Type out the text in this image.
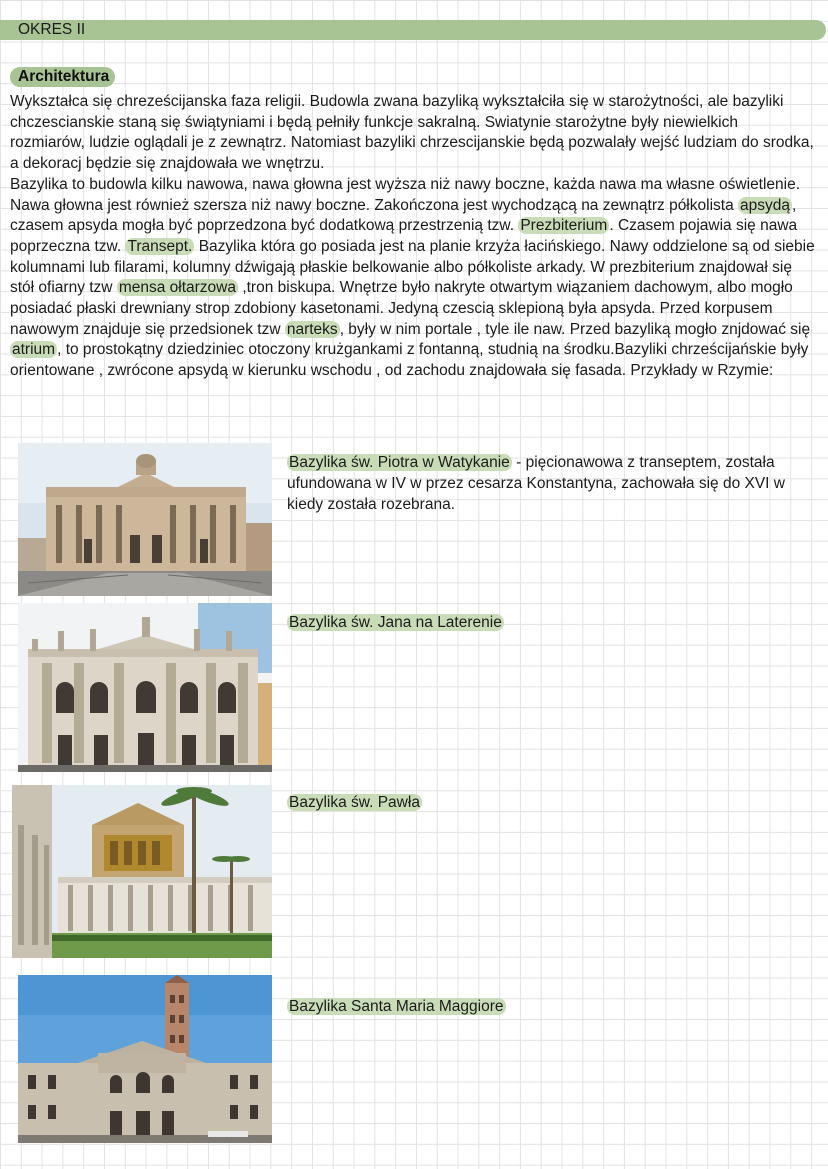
OKRES II
Architektura

Wykształca się chreześcijanska faza religii. Budowla zwana bazyliką wykształciła się w starożytności, ale bazyliki chczescianskie staną się świątyniami i będą pełniły funkcje sakralną. Swiatynie starożytne były niewielkich rozmiarów, ludzie oglądali je z zewnątrz. Natomiast bazyliki chrzescijanskie będą pozwalały wejść ludziam do srodka, a dekoracj będzie się znajdowała we wnętrzu.
Bazylika to budowla kilku nawowa, nawa głowna jest wyższa niż nawy boczne, każda nawa ma własne oświetlenie. Nawa głowna jest również szersza niż nawy boczne. Zakończona jest wychodzącą na zewnątrz półkolista apsydą , czasem apsyda mogła być poprzedzona być dodatkową przestrzenią tzw. Prezbiterium . Czasem pojawia się nawa poprzeczna tzw. Transept. Bazylika która go posiada jest na planie krzyża łacińskiego. Nawy oddzielone są od siebie kolumnami lub filarami, kolumny dźwigają płaskie belkowanie albo półkoliste arkady. W prezbiterium znajdował się stół ofiarny tzw mensa ołtarzowa ,tron biskupa. Wnętrze było nakryte otwartym wiązaniem dachowym, albo mogło posiadać płaski drewniany strop zdobiony kasetonami. Jedyną czescią sklepioną była apsyda. Przed korpusem nawowym znajduje się przedsionek tzw narteks , były w nim portale , tyle ile naw. Przed bazyliką mogło znjdować się atrium , to prostokątny dziedziniec otoczony krużgankami z fontanną, studnią na środku.Bazyliki chrześcijańskie były orientowane , zwrócone apsydą w kierunku wschodu , od zachodu znajdowała się fasada. Przykłady w Rzymie:

Bazylika św. Piotra w Watykanie - pięcionawowa z transeptem, została ufundowana w IV w przez cesarza Konstantyna, zachowała się do XVI w kiedy została rozebrana.
Bazylika św. Jana na Laterenie
Bazylika św. Pawła
Bazylika Santa Maria Maggiore
